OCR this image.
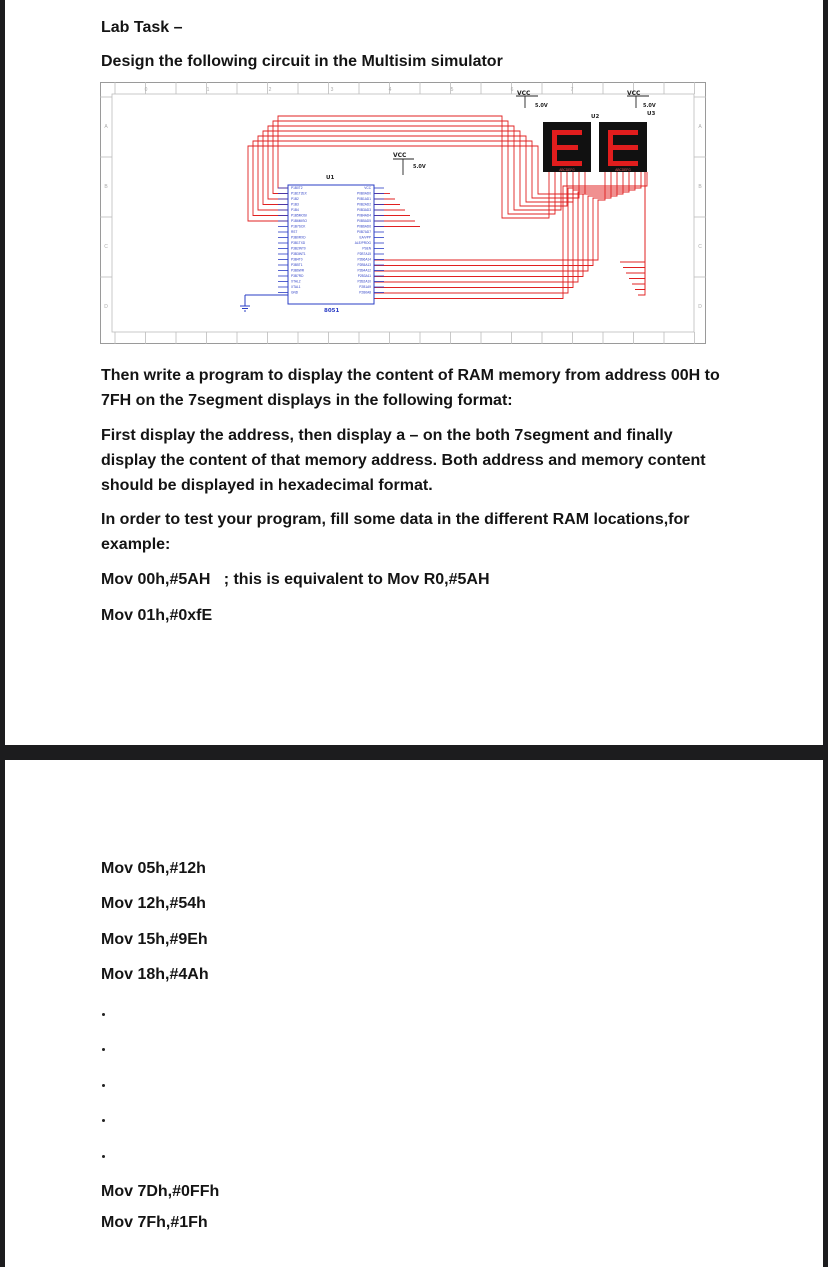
Lab Task –
Design the following circuit in the Multisim simulator
0	1	2	3	4	5	6	7
A
B
C
D
A
B
C
D
P1B0T2
P1B1T2EX
P1B2
P1B3
P1B4
P1B5MOSI
P1B6MISO
P1B7SCK
RST
P3B0RXD
P3B1TXD
P3B2INT0
P3B3INT1
P3B4T0
P3B5T1
P3B6WR
P3B7RD
XTAL2
XTAL1
GND
VCC
P0B0AD0
P0B1AD1
P0B2AD2
P0B3AD3
P0B4AD4
P0B5AD5
P0B6AD6
P0B7AD7
EA/VPP
ALE/PROG
PSEN
P2B7A15
P2B6A14
P2B5A13
P2B4A12
P2B3A11
P2B2A10
P2B1A9
P2B0A8
U1
8051
VCC
5.0V
VCC
5.0V
U2
VCC
5.0V
U3
ABCDEFG
E
ABCDEFG
c
Then write a program to display the content of RAM memory from address 00H to 7FH on the 7segment displays in the following format:
First display the address, then display a – on the both 7segment and finally display the content of that memory address. Both address and memory content should be displayed in hexadecimal format.
In order to test your program, fill some data in the different RAM locations,for example:
Mov 00h,#5AH   ; this is equivalent to Mov R0,#5AH
Mov 01h,#0xfE
Mov 05h,#12h
Mov 12h,#54h
Mov 15h,#9Eh
Mov 18h,#4Ah
Mov 7Dh,#0FFh
Mov 7Fh,#1Fh
